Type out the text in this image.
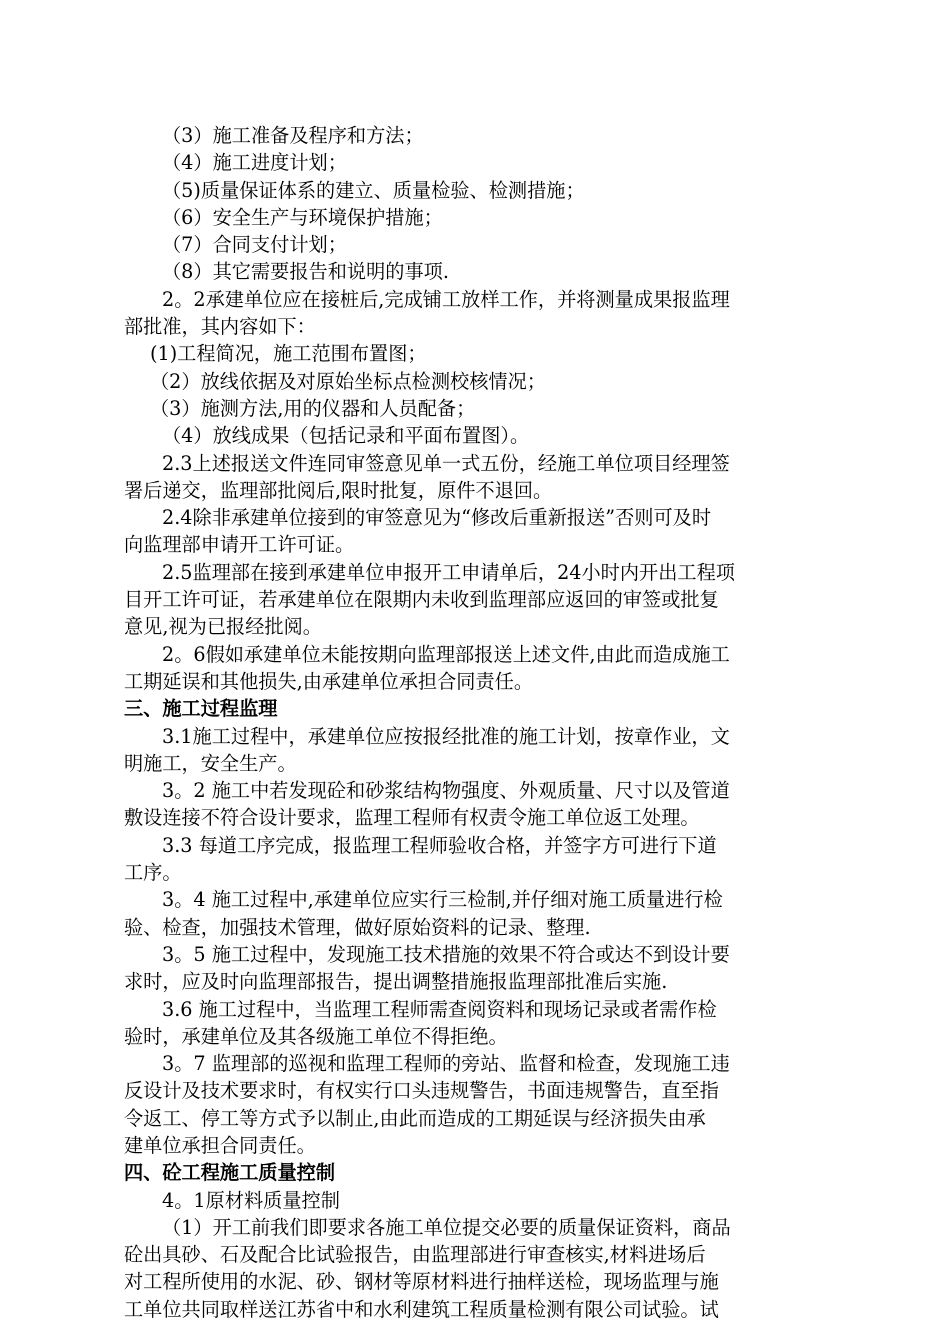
（3）施工准备及程序和方法；
（4）施工进度计划；
（5)质量保证体系的建立、质量检验、检测措施；
（6）安全生产与环境保护措施；
（7）合同支付计划；
（8）其它需要报告和说明的事项.
2。2承建单位应在接桩后,完成铺工放样工作，并将测量成果报监理
部批准，其内容如下：
(1)工程简况，施工范围布置图；
（2）放线依据及对原始坐标点检测校核情况；
（3）施测方法,用的仪器和人员配备；
（4）放线成果（包括记录和平面布置图）。
2.3上述报送文件连同审签意见单一式五份，经施工单位项目经理签
署后递交，监理部批阅后,限时批复，原件不退回。
2.4除非承建单位接到的审签意见为“修改后重新报送”否则可及时
向监理部申请开工许可证。
2.5监理部在接到承建单位申报开工申请单后，24小时内开出工程项
目开工许可证，若承建单位在限期内未收到监理部应返回的审签或批复
意见,视为已报经批阅。
2。6假如承建单位未能按期向监理部报送上述文件,由此而造成施工
工期延误和其他损失,由承建单位承担合同责任。
三、施工过程监理
3.1施工过程中，承建单位应按报经批准的施工计划，按章作业，文
明施工，安全生产。
3。2 施工中若发现砼和砂浆结构物强度、外观质量、尺寸以及管道
敷设连接不符合设计要求，监理工程师有权责令施工单位返工处理。
3.3 每道工序完成，报监理工程师验收合格，并签字方可进行下道
工序。
3。4 施工过程中,承建单位应实行三检制,并仔细对施工质量进行检
验、检查，加强技术管理，做好原始资料的记录、整理.
3。5 施工过程中，发现施工技术措施的效果不符合或达不到设计要
求时，应及时向监理部报告，提出调整措施报监理部批准后实施.
3.6 施工过程中，当监理工程师需查阅资料和现场记录或者需作检
验时，承建单位及其各级施工单位不得拒绝。
3。7 监理部的巡视和监理工程师的旁站、监督和检查，发现施工违
反设计及技术要求时，有权实行口头违规警告，书面违规警告，直至指
令返工、停工等方式予以制止,由此而造成的工期延误与经济损失由承
建单位承担合同责任。
四、砼工程施工质量控制
4。1原材料质量控制
（1）开工前我们即要求各施工单位提交必要的质量保证资料，商品
砼出具砂、石及配合比试验报告，由监理部进行审查核实,材料进场后
对工程所使用的水泥、砂、钢材等原材料进行抽样送检，现场监理与施
工单位共同取样送江苏省中和水利建筑工程质量检测有限公司试验。试
